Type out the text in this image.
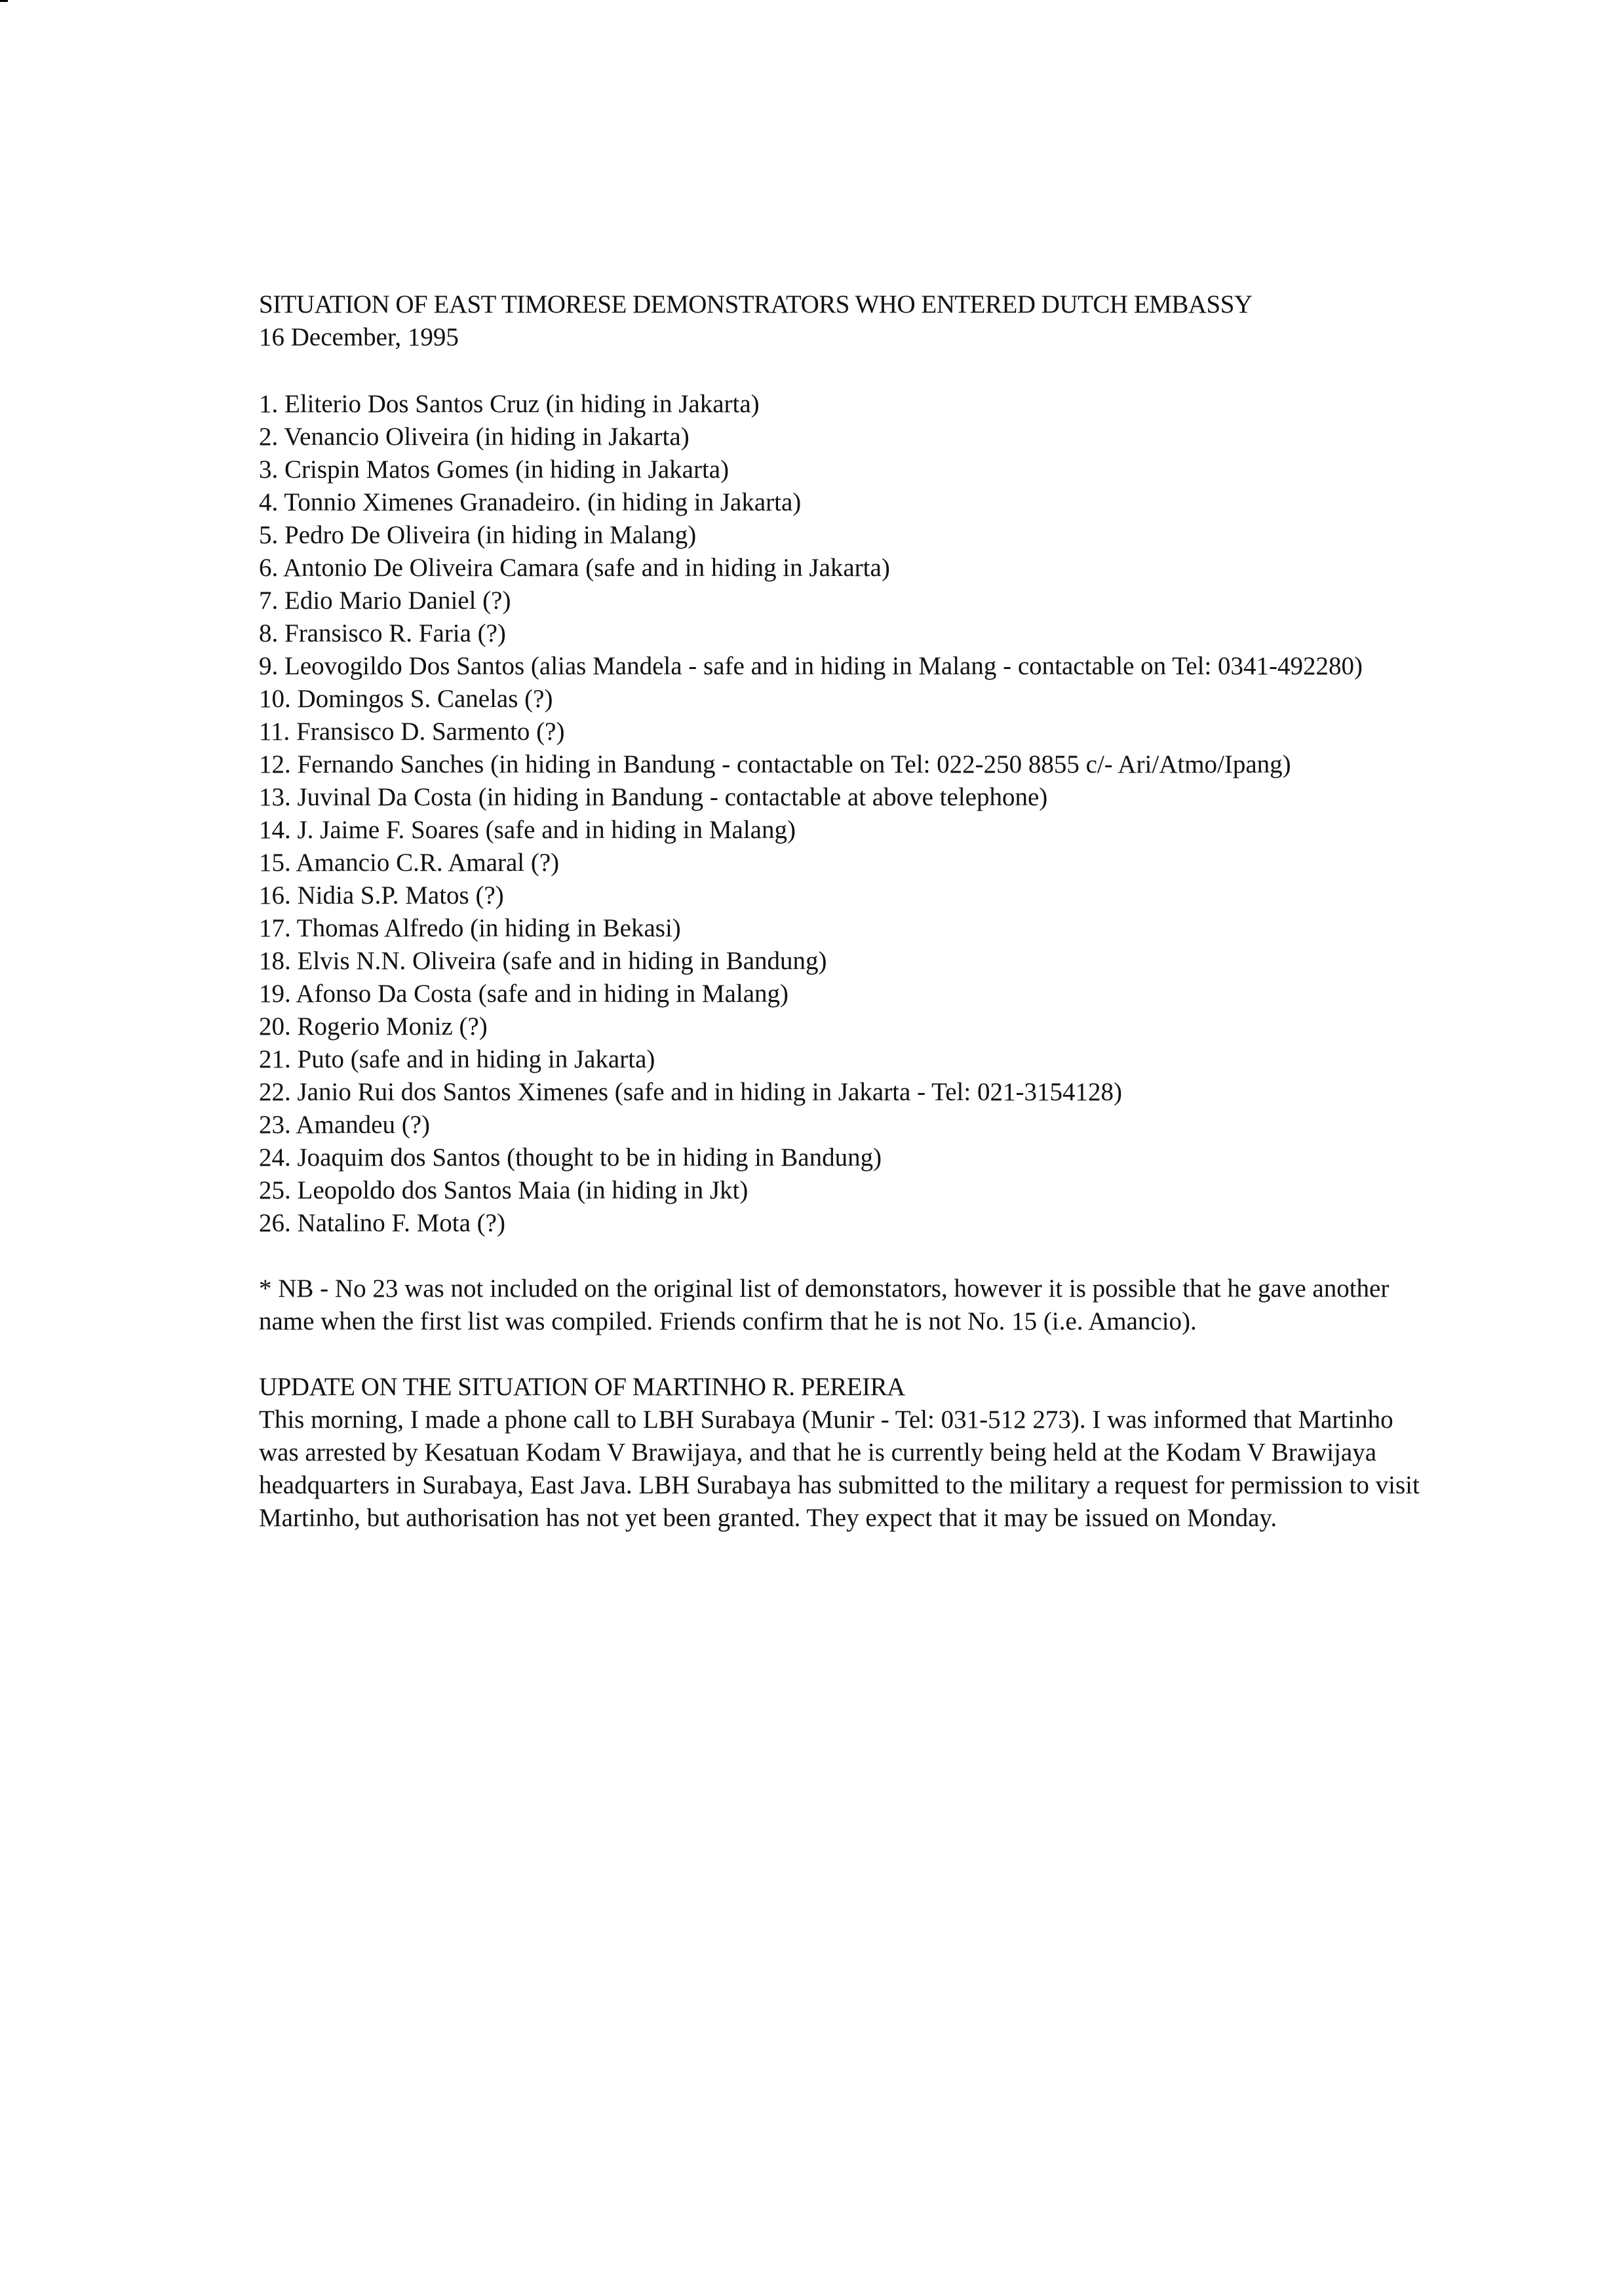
SITUATION OF EAST TIMORESE DEMONSTRATORS WHO ENTERED DUTCH EMBASSY
16 December, 1995
1. Eliterio Dos Santos Cruz (in hiding in Jakarta)
2. Venancio Oliveira (in hiding in Jakarta)
3. Crispin Matos Gomes (in hiding in Jakarta)
4. Tonnio Ximenes Granadeiro. (in hiding in Jakarta)
5. Pedro De Oliveira (in hiding in Malang)
6. Antonio De Oliveira Camara (safe and in hiding in Jakarta)
7. Edio Mario Daniel (?)
8. Fransisco R. Faria (?)
9. Leovogildo Dos Santos (alias Mandela - safe and in hiding in Malang - contactable on Tel: 0341-492280)
10. Domingos S. Canelas (?)
11. Fransisco D. Sarmento (?)
12. Fernando Sanches (in hiding in Bandung - contactable on Tel: 022-250 8855 c/- Ari/Atmo/Ipang)
13. Juvinal Da Costa (in hiding in Bandung - contactable at above telephone)
14. J. Jaime F. Soares (safe and in hiding in Malang)
15. Amancio C.R. Amaral (?)
16. Nidia S.P. Matos (?)
17. Thomas Alfredo (in hiding in Bekasi)
18. Elvis N.N. Oliveira (safe and in hiding in Bandung)
19. Afonso Da Costa (safe and in hiding in Malang)
20. Rogerio Moniz (?)
21. Puto (safe and in hiding in Jakarta)
22. Janio Rui dos Santos Ximenes (safe and in hiding in Jakarta - Tel: 021-3154128)
23. Amandeu (?)
24. Joaquim dos Santos (thought to be in hiding in Bandung)
25. Leopoldo dos Santos Maia (in hiding in Jkt)
26. Natalino F. Mota (?)
* NB - No 23 was not included on the original list of demonstators, however it is possible that he gave another name when the first list was compiled. Friends confirm that he is not No. 15 (i.e. Amancio).
UPDATE ON THE SITUATION OF MARTINHO R. PEREIRA
This morning, I made a phone call to LBH Surabaya (Munir - Tel: 031-512 273). I was informed that Martinho was arrested by Kesatuan Kodam V Brawijaya, and that he is currently being held at the Kodam V Brawijaya headquarters in Surabaya, East Java. LBH Surabaya has submitted to the military a request for permission to visit Martinho, but authorisation has not yet been granted. They expect that it may be issued on Monday.
